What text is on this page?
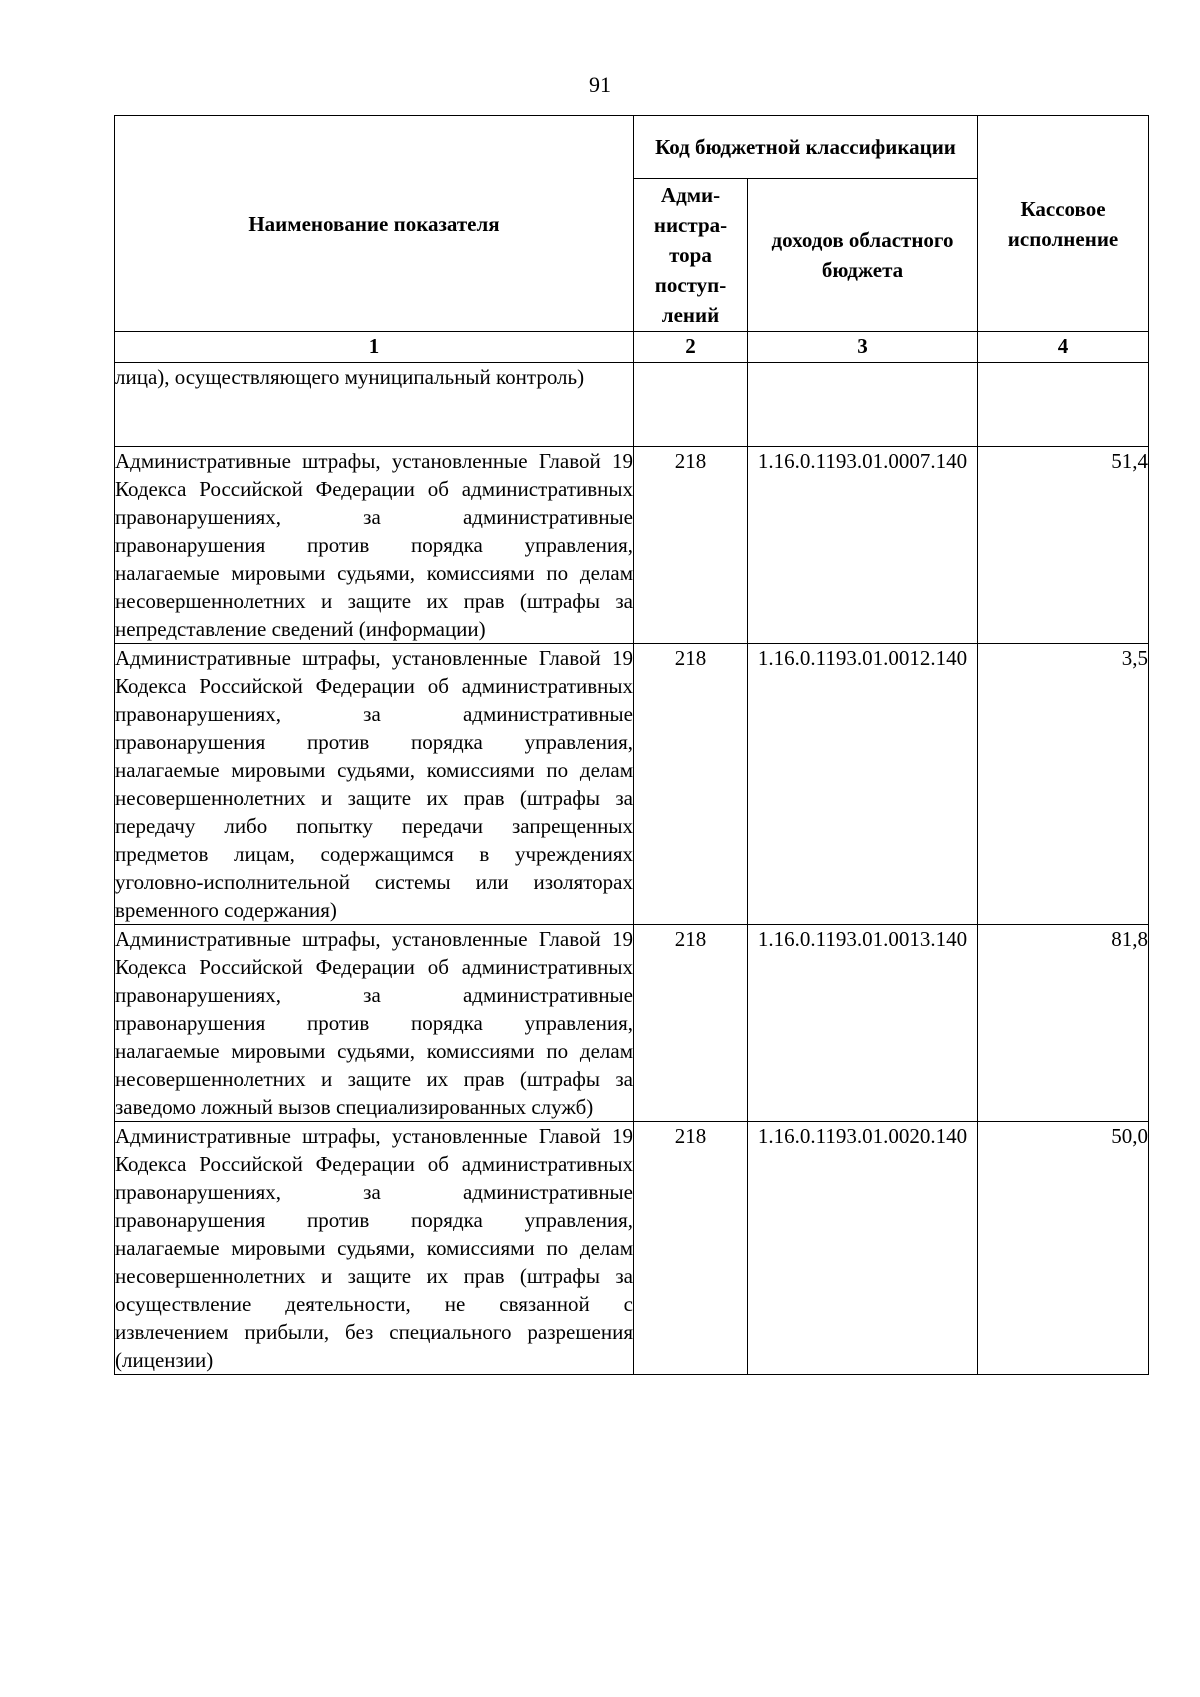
91
Наименование показателя	Код бюджетной классификации		Кассовое исполнение
	Адми-нистра-тора поступ-лений	доходов областного бюджета	
1	2	3	4
лица), осуществляющего муниципальный контроль)			
Административные штрафы, установленные Главой 19 Кодекса Российской Федерации об административных правонарушениях, за административные правонарушения против порядка управления, налагаемые мировыми судьями, комиссиями по делам несовершеннолетних и защите их прав (штрафы за непредставление сведений (информации)	218	1.16.0.1193.01.0007.140	51,4
Административные штрафы, установленные Главой 19 Кодекса Российской Федерации об административных правонарушениях, за административные правонарушения против порядка управления, налагаемые мировыми судьями, комиссиями по делам несовершеннолетних и защите их прав (штрафы за передачу либо попытку передачи запрещенных предметов лицам, содержащимся в учреждениях уголовно-исполнительной системы или изоляторах временного содержания)	218	1.16.0.1193.01.0012.140	3,5
Административные штрафы, установленные Главой 19 Кодекса Российской Федерации об административных правонарушениях, за административные правонарушения против порядка управления, налагаемые мировыми судьями, комиссиями по делам несовершеннолетних и защите их прав (штрафы за заведомо ложный вызов специализированных служб)	218	1.16.0.1193.01.0013.140	81,8
Административные штрафы, установленные Главой 19 Кодекса Российской Федерации об административных правонарушениях, за административные правонарушения против порядка управления, налагаемые мировыми судьями, комиссиями по делам несовершеннолетних и защите их прав (штрафы за осуществление деятельности, не связанной с извлечением прибыли, без специального разрешения (лицензии)	218	1.16.0.1193.01.0020.140	50,0
